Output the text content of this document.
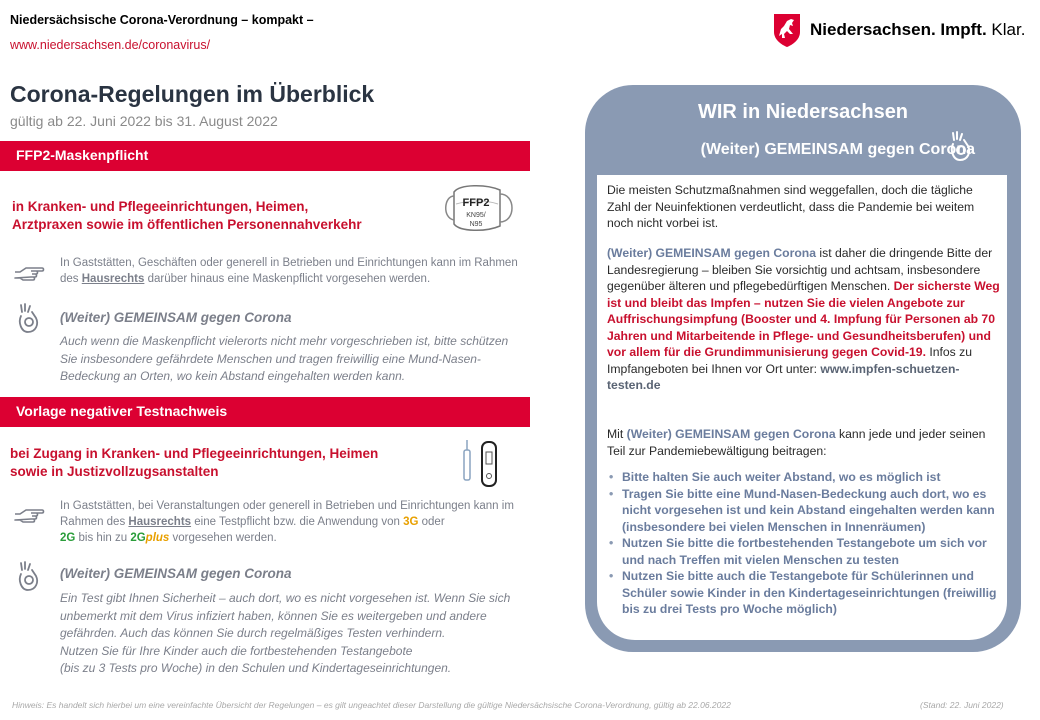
Niedersächsische Corona-Verordnung – kompakt –
www.niedersachsen.de/coronavirus/
Niedersachsen. Impft. Klar.
Corona-Regelungen im Überblick
gültig ab 22. Juni 2022 bis 31. August 2022
FFP2-Maskenpflicht
in Kranken- und Pflegeeinrichtungen, Heimen,
Arztpraxen sowie im öffentlichen Personennahverkehr
FFP2
KN95/
N95
In Gaststätten, Geschäften oder generell in Betrieben und Einrichtungen kann im Rahmen des Hausrechts darüber hinaus eine Maskenpflicht vorgesehen werden.
(Weiter) GEMEINSAM gegen Corona
Auch wenn die Maskenpflicht vielerorts nicht mehr vorgeschrieben ist, bitte schützen Sie insbesondere gefährdete Menschen und tragen freiwillig eine Mund-Nasen-Bedeckung an Orten, wo kein Abstand eingehalten werden kann.
Vorlage negativer Testnachweis
bei Zugang in Kranken- und Pflegeeinrichtungen, Heimen
sowie in Justizvollzugsanstalten
In Gaststätten, bei Veranstaltungen oder generell in Betrieben und Einrichtungen kann im Rahmen des Hausrechts eine Testpflicht bzw. die Anwendung von 3G oder
2G bis hin zu 2Gplus vorgesehen werden.
(Weiter) GEMEINSAM gegen Corona
Ein Test gibt Ihnen Sicherheit – auch dort, wo es nicht vorgesehen ist. Wenn Sie sich unbemerkt mit dem Virus infiziert haben, können Sie es weitergeben und andere gefährden. Auch das können Sie durch regelmäßiges Testen verhindern.
Nutzen Sie für Ihre Kinder auch die fortbestehenden Testangebote
(bis zu 3 Tests pro Woche) in den Schulen und Kindertageseinrichtungen.
WIR in Niedersachsen
(Weiter) GEMEINSAM gegen Corona
Die meisten Schutzmaßnahmen sind weggefallen, doch die tägliche Zahl der Neuinfektionen verdeutlicht, dass die Pandemie bei weitem noch nicht vorbei ist.
(Weiter) GEMEINSAM gegen Corona ist daher die dringende Bitte der Landesregierung – bleiben Sie vorsichtig und achtsam, insbesondere gegenüber älteren und pflegebedürftigen Menschen. Der sicherste Weg ist und bleibt das Impfen – nutzen Sie die vielen Angebote zur Auffrischungsimpfung (Booster und 4. Impfung für Personen ab 70 Jahren und Mitarbeitende in Pflege- und Gesundheitsberufen) und vor allem für die Grundimmunisierung gegen Covid-19. Infos zu Impfangeboten bei Ihnen vor Ort unter: www.impfen-schuetzen-testen.de
Mit (Weiter) GEMEINSAM gegen Corona kann jede und jeder seinen Teil zur Pandemiebewältigung beitragen:
• Bitte halten Sie auch weiter Abstand, wo es möglich ist
• Tragen Sie bitte eine Mund-Nasen-Bedeckung auch dort, wo es nicht vorgesehen ist und kein Abstand eingehalten werden kann (insbesondere bei vielen Menschen in Innenräumen)
• Nutzen Sie bitte die fortbestehenden Testangebote um sich vor und nach Treffen mit vielen Menschen zu testen
• Nutzen Sie bitte auch die Testangebote für Schülerinnen und Schüler sowie Kinder in den Kindertageseinrichtungen (freiwillig bis zu drei Tests pro Woche möglich)
Hinweis: Es handelt sich hierbei um eine vereinfachte Übersicht der Regelungen – es gilt ungeachtet dieser Darstellung die gültige Niedersächsische Corona-Verordnung, gültig ab 22.06.2022	(Stand: 22. Juni 2022)
